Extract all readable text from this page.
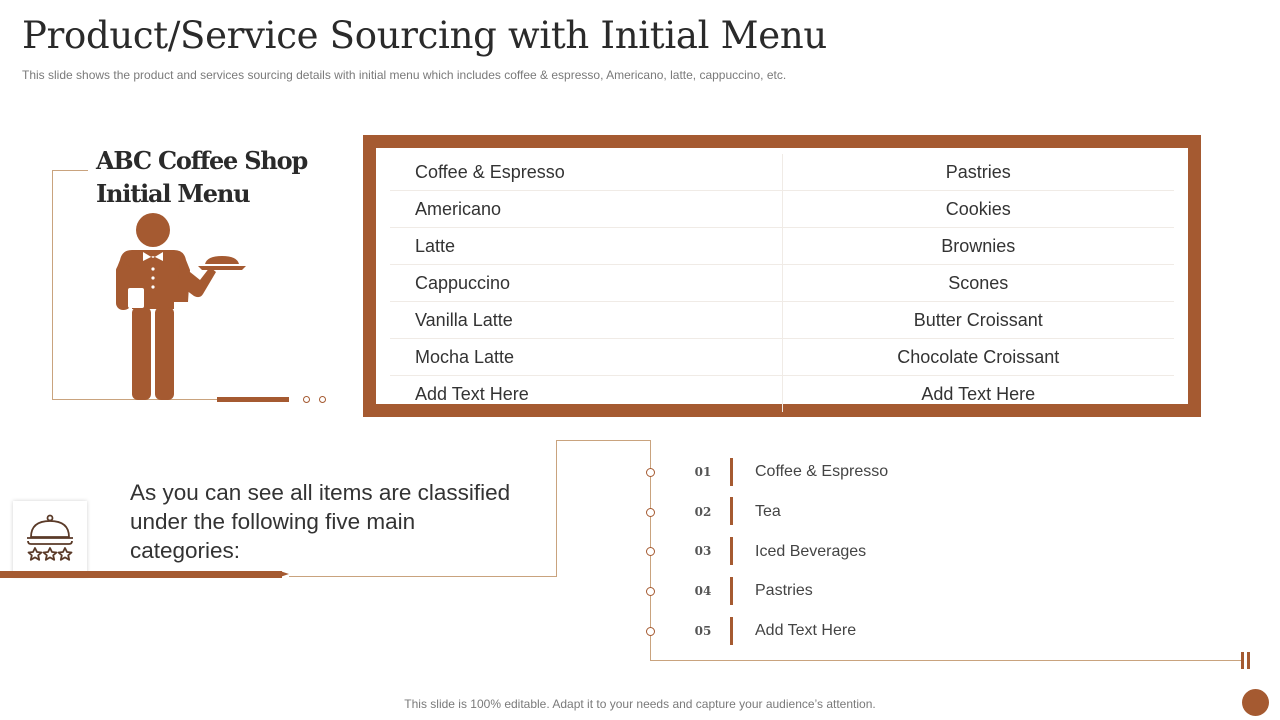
Product/Service Sourcing with Initial Menu
This slide shows the product and services sourcing details with initial menu which includes coffee & espresso, Americano, latte, cappuccino, etc.
ABC Coffee Shop
Initial Menu
Coffee & Espresso	Pastries
Americano	Cookies
Latte	Brownies
Cappuccino	Scones
Vanilla Latte	Butter Croissant
Mocha Latte	Chocolate Croissant
Add Text Here	Add Text Here
As you can see all items are classified under the following five main categories:
01	Coffee & Espresso
02	Tea
03	Iced Beverages
04	Pastries
05	Add Text Here
This slide is 100% editable. Adapt it to your needs and capture your audience’s attention.
